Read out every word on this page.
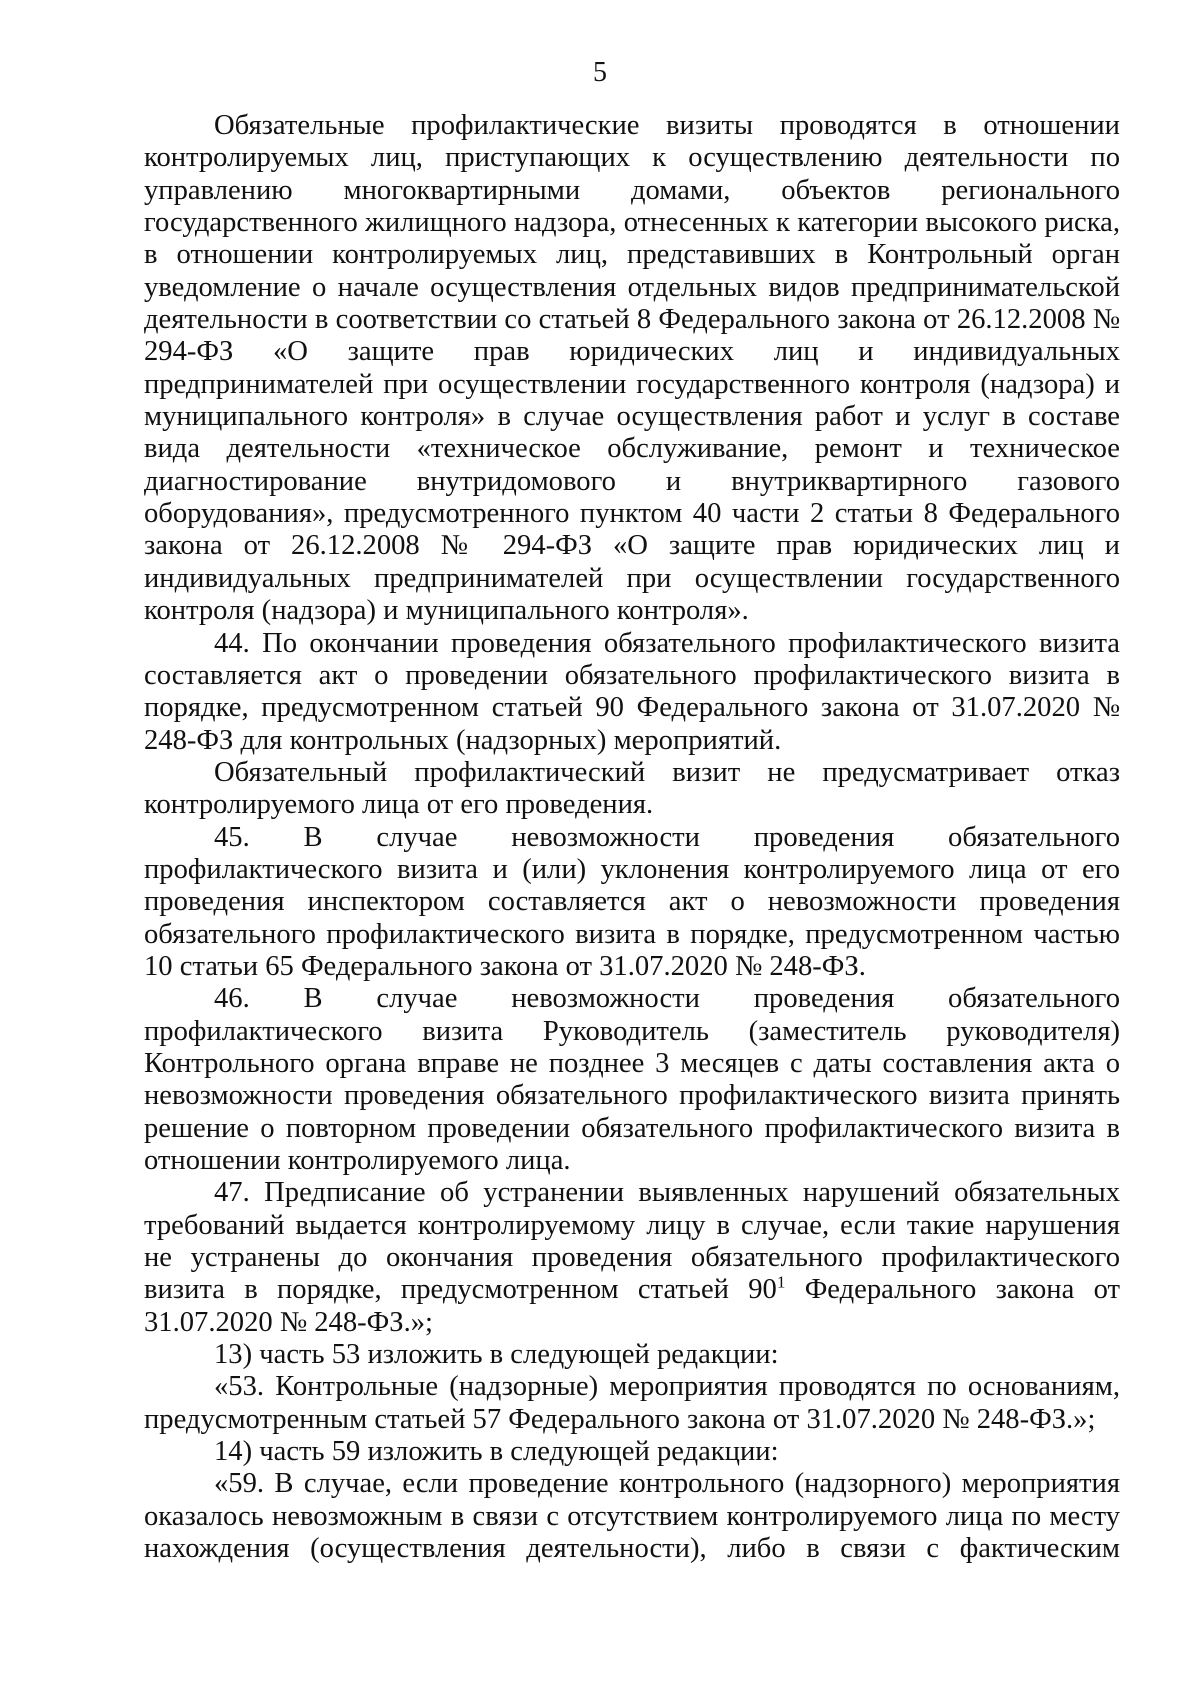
5

Обязательные профилактические визиты проводятся в отношении контролируемых лиц, приступающих к осуществлению деятельности по управлению многоквартирными домами, объектов регионального государственного жилищного надзора, отнесенных к категории высокого риска, в отношении контролируемых лиц, представивших в Контрольный орган уведомление о начале осуществления отдельных видов предпринимательской деятельности в соответствии со статьей 8 Федерального закона от 26.12.2008 № 294-ФЗ «О защите прав юридических лиц и индивидуальных предпринимателей при осуществлении государственного контроля (надзора) и муниципального контроля» в случае осуществления работ и услуг в составе вида деятельности «техническое обслуживание, ремонт и техническое диагностирование внутридомового и внутриквартирного газового оборудования», предусмотренного пунктом 40 части 2 статьи 8 Федерального закона от 26.12.2008 № 294-ФЗ «О защите прав юридических лиц и индивидуальных предпринимателей при осуществлении государственного контроля (надзора) и муниципального контроля».

44. По окончании проведения обязательного профилактического визита составляется акт о проведении обязательного профилактического визита в порядке, предусмотренном статьей 90 Федерального закона от 31.07.2020 № 248-ФЗ для контрольных (надзорных) мероприятий.

Обязательный профилактический визит не предусматривает отказ контролируемого лица от его проведения.

45. В случае невозможности проведения обязательного профилактического визита и (или) уклонения контролируемого лица от его проведения инспектором составляется акт о невозможности проведения обязательного профилактического визита в порядке, предусмотренном частью 10 статьи 65 Федерального закона от 31.07.2020 № 248-ФЗ.

46. В случае невозможности проведения обязательного профилактического визита Руководитель (заместитель руководителя) Контрольного органа вправе не позднее 3 месяцев с даты составления акта о невозможности проведения обязательного профилактического визита принять решение о повторном проведении обязательного профилактического визита в отношении контролируемого лица.

47. Предписание об устранении выявленных нарушений обязательных требований выдается контролируемому лицу в случае, если такие нарушения не устранены до окончания проведения обязательного профилактического визита в порядке, предусмотренном статьей $90^1$ Федерального закона от 31.07.2020 № 248-ФЗ.»;

13) часть 53 изложить в следующей редакции:

«53. Контрольные (надзорные) мероприятия проводятся по основаниям, предусмотренным статьей 57 Федерального закона от 31.07.2020 № 248-ФЗ.»;

14) часть 59 изложить в следующей редакции:

«59. В случае, если проведение контрольного (надзорного) мероприятия оказалось невозможным в связи с отсутствием контролируемого лица по месту нахождения (осуществления деятельности), либо в связи с фактическим
